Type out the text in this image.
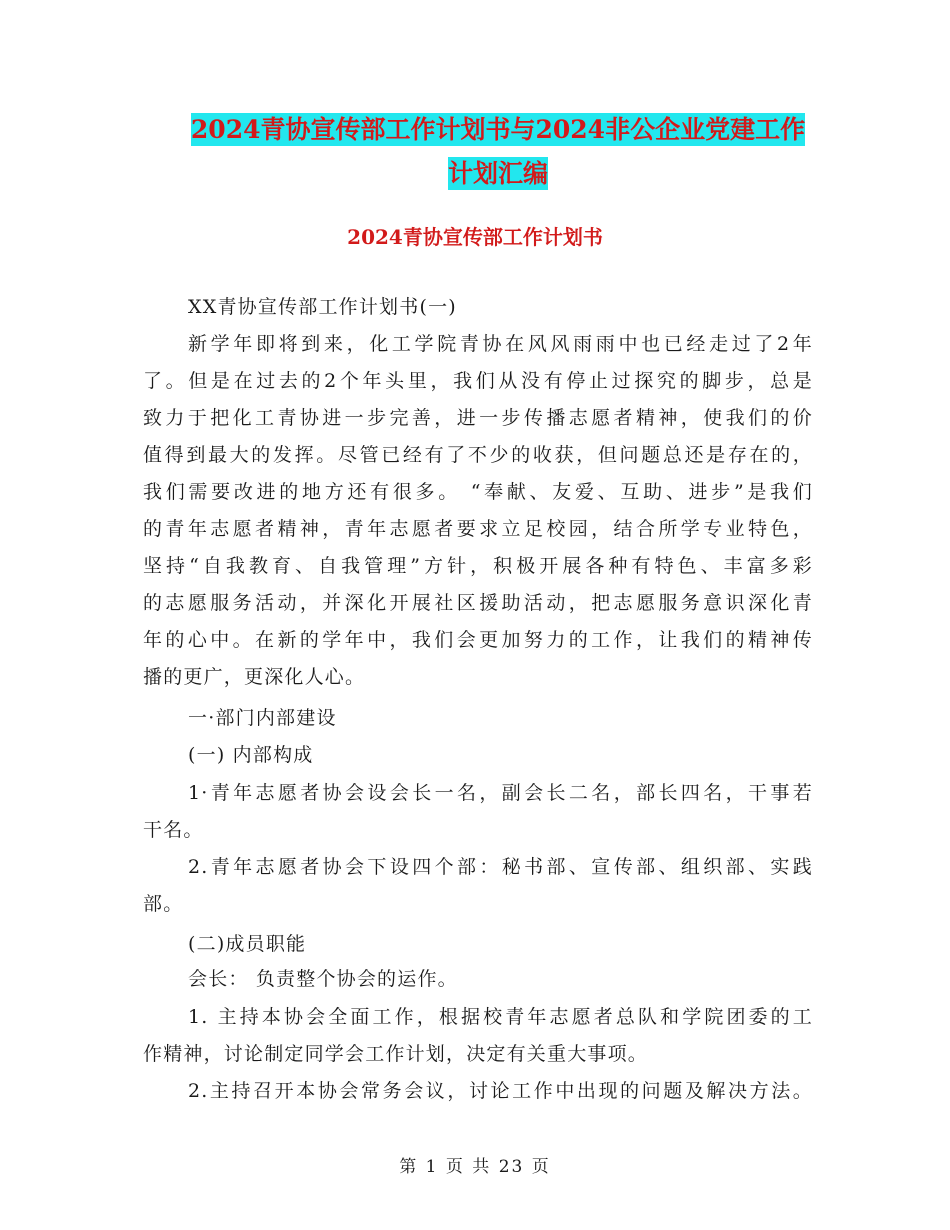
2024青协宣传部工作计划书与2024非公企业党建工作
计划汇编
2024青协宣传部工作计划书
XX青协宣传部工作计划书(一)
新学年即将到来，化工学院青协在风风雨雨中也已经走过了2年
了。但是在过去的2个年头里，我们从没有停止过探究的脚步，总是
致力于把化工青协进一步完善，进一步传播志愿者精神，使我们的价
值得到最大的发挥。尽管已经有了不少的收获，但问题总还是存在的，
我们需要改进的地方还有很多。 “奉献、友爱、互助、进步”是我们
的青年志愿者精神，青年志愿者要求立足校园，结合所学专业特色，
坚持“自我教育、自我管理”方针，积极开展各种有特色、丰富多彩
的志愿服务活动，并深化开展社区援助活动，把志愿服务意识深化青
年的心中。在新的学年中，我们会更加努力的工作，让我们的精神传
播的更广，更深化人心。
一·部门内部建设
(一) 内部构成
1·青年志愿者协会设会长一名，副会长二名，部长四名，干事若
干名。
2.青年志愿者协会下设四个部：秘书部、宣传部、组织部、实践
部。
(二)成员职能
会长： 负责整个协会的运作。
1. 主持本协会全面工作，根据校青年志愿者总队和学院团委的工
作精神，讨论制定同学会工作计划，决定有关重大事项。
2.主持召开本协会常务会议，讨论工作中出现的问题及解决方法。
第 1 页 共 23 页
